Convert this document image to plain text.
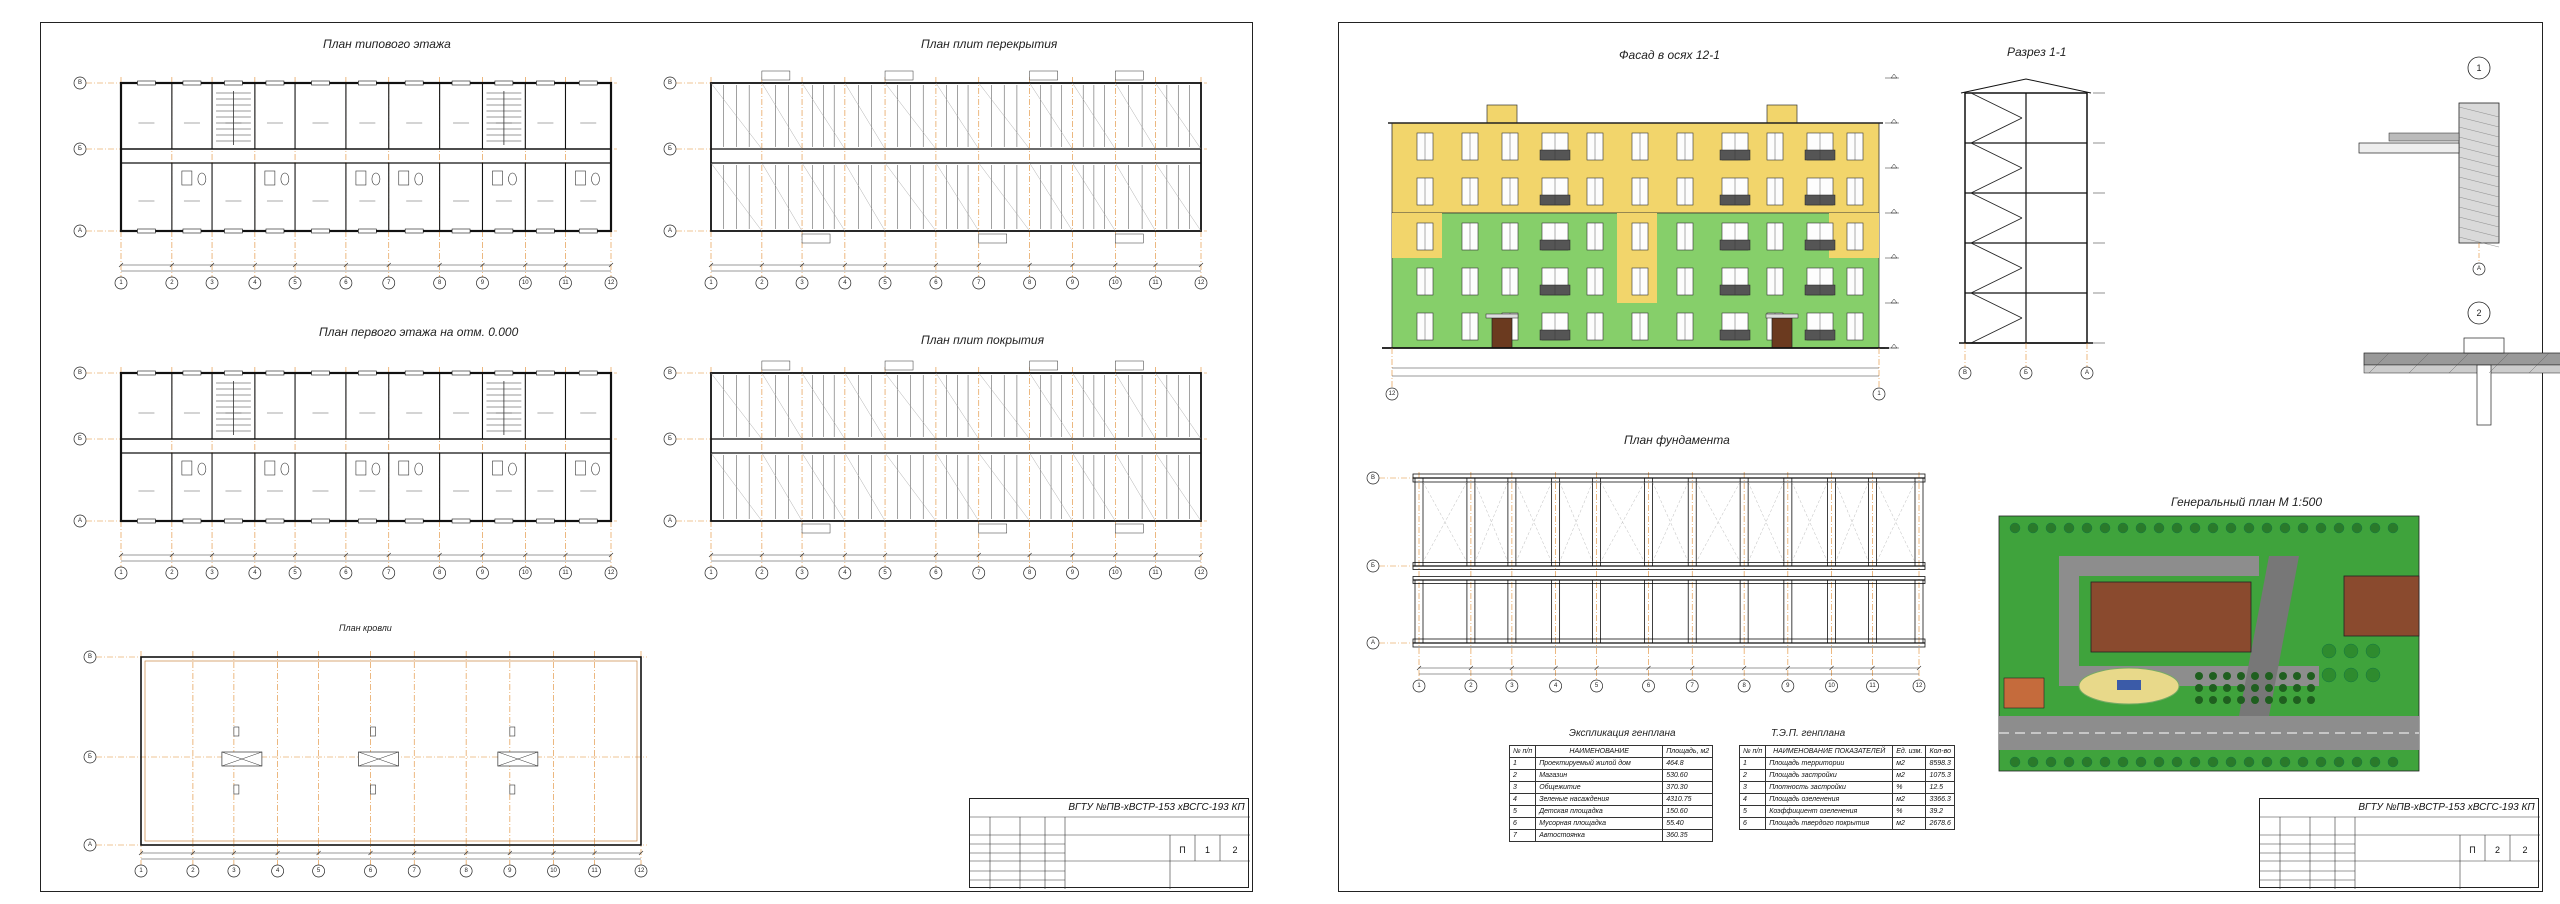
План типового этажа	План плит перекрытия
План первого этажа на отм. 0.000
План плит покрытия
План кровли
1	2	3	4	5	6	7	8	9	10	11	12
В
Б
А
1	2	3	4	5	6	7	8	9	10	11	12
В
Б
А
1	2	3	4	5	6	7	8	9	10	11	12
В
Б
А
1	2	3	4	5	6	7	8	9	10	11	12
В
Б
А
1	2	3	4	5	6	7	8	9	10	11	12
В
Б
А
ВГТУ №ПВ-хВСТР-153 хВСГС-193 КП
П	1	2
Фасад в осях 12-1	Разрез 1-1
План фундамента
Генеральный план М 1:500
Экспликация генплана	Т.Э.П. генплана
12	1
В	Б	А
1
А
2
1	2	3	4	5	6	7	8	9	10	11	12
В
Б
А
№ п/п	НАИМЕНОВАНИЕ	Площадь, м2
1	Проектируемый жилой дом	464.8
2	Магазин	530.60
3	Общежитие	370.30
4	Зеленые насаждения	4310.75
5	Детская площадка	150.60
6	Мусорная площадка	55.40
7	Автостоянка	360.35
№ п/п	НАИМЕНОВАНИЕ ПОКАЗАТЕЛЕЙ	Ед. изм.	Кол-во
1	Площадь территории	м2	8598.3
2	Площадь застройки	м2	1075.3
3	Плотность застройки	%	12.5
4	Площадь озеленения	м2	3366.3
5	Коэффициент озеленения	%	39.2
6	Площадь твердого покрытия	м2	2678.6
ВГТУ №ПВ-хВСТР-153 хВСГС-193 КП
П	2	2
